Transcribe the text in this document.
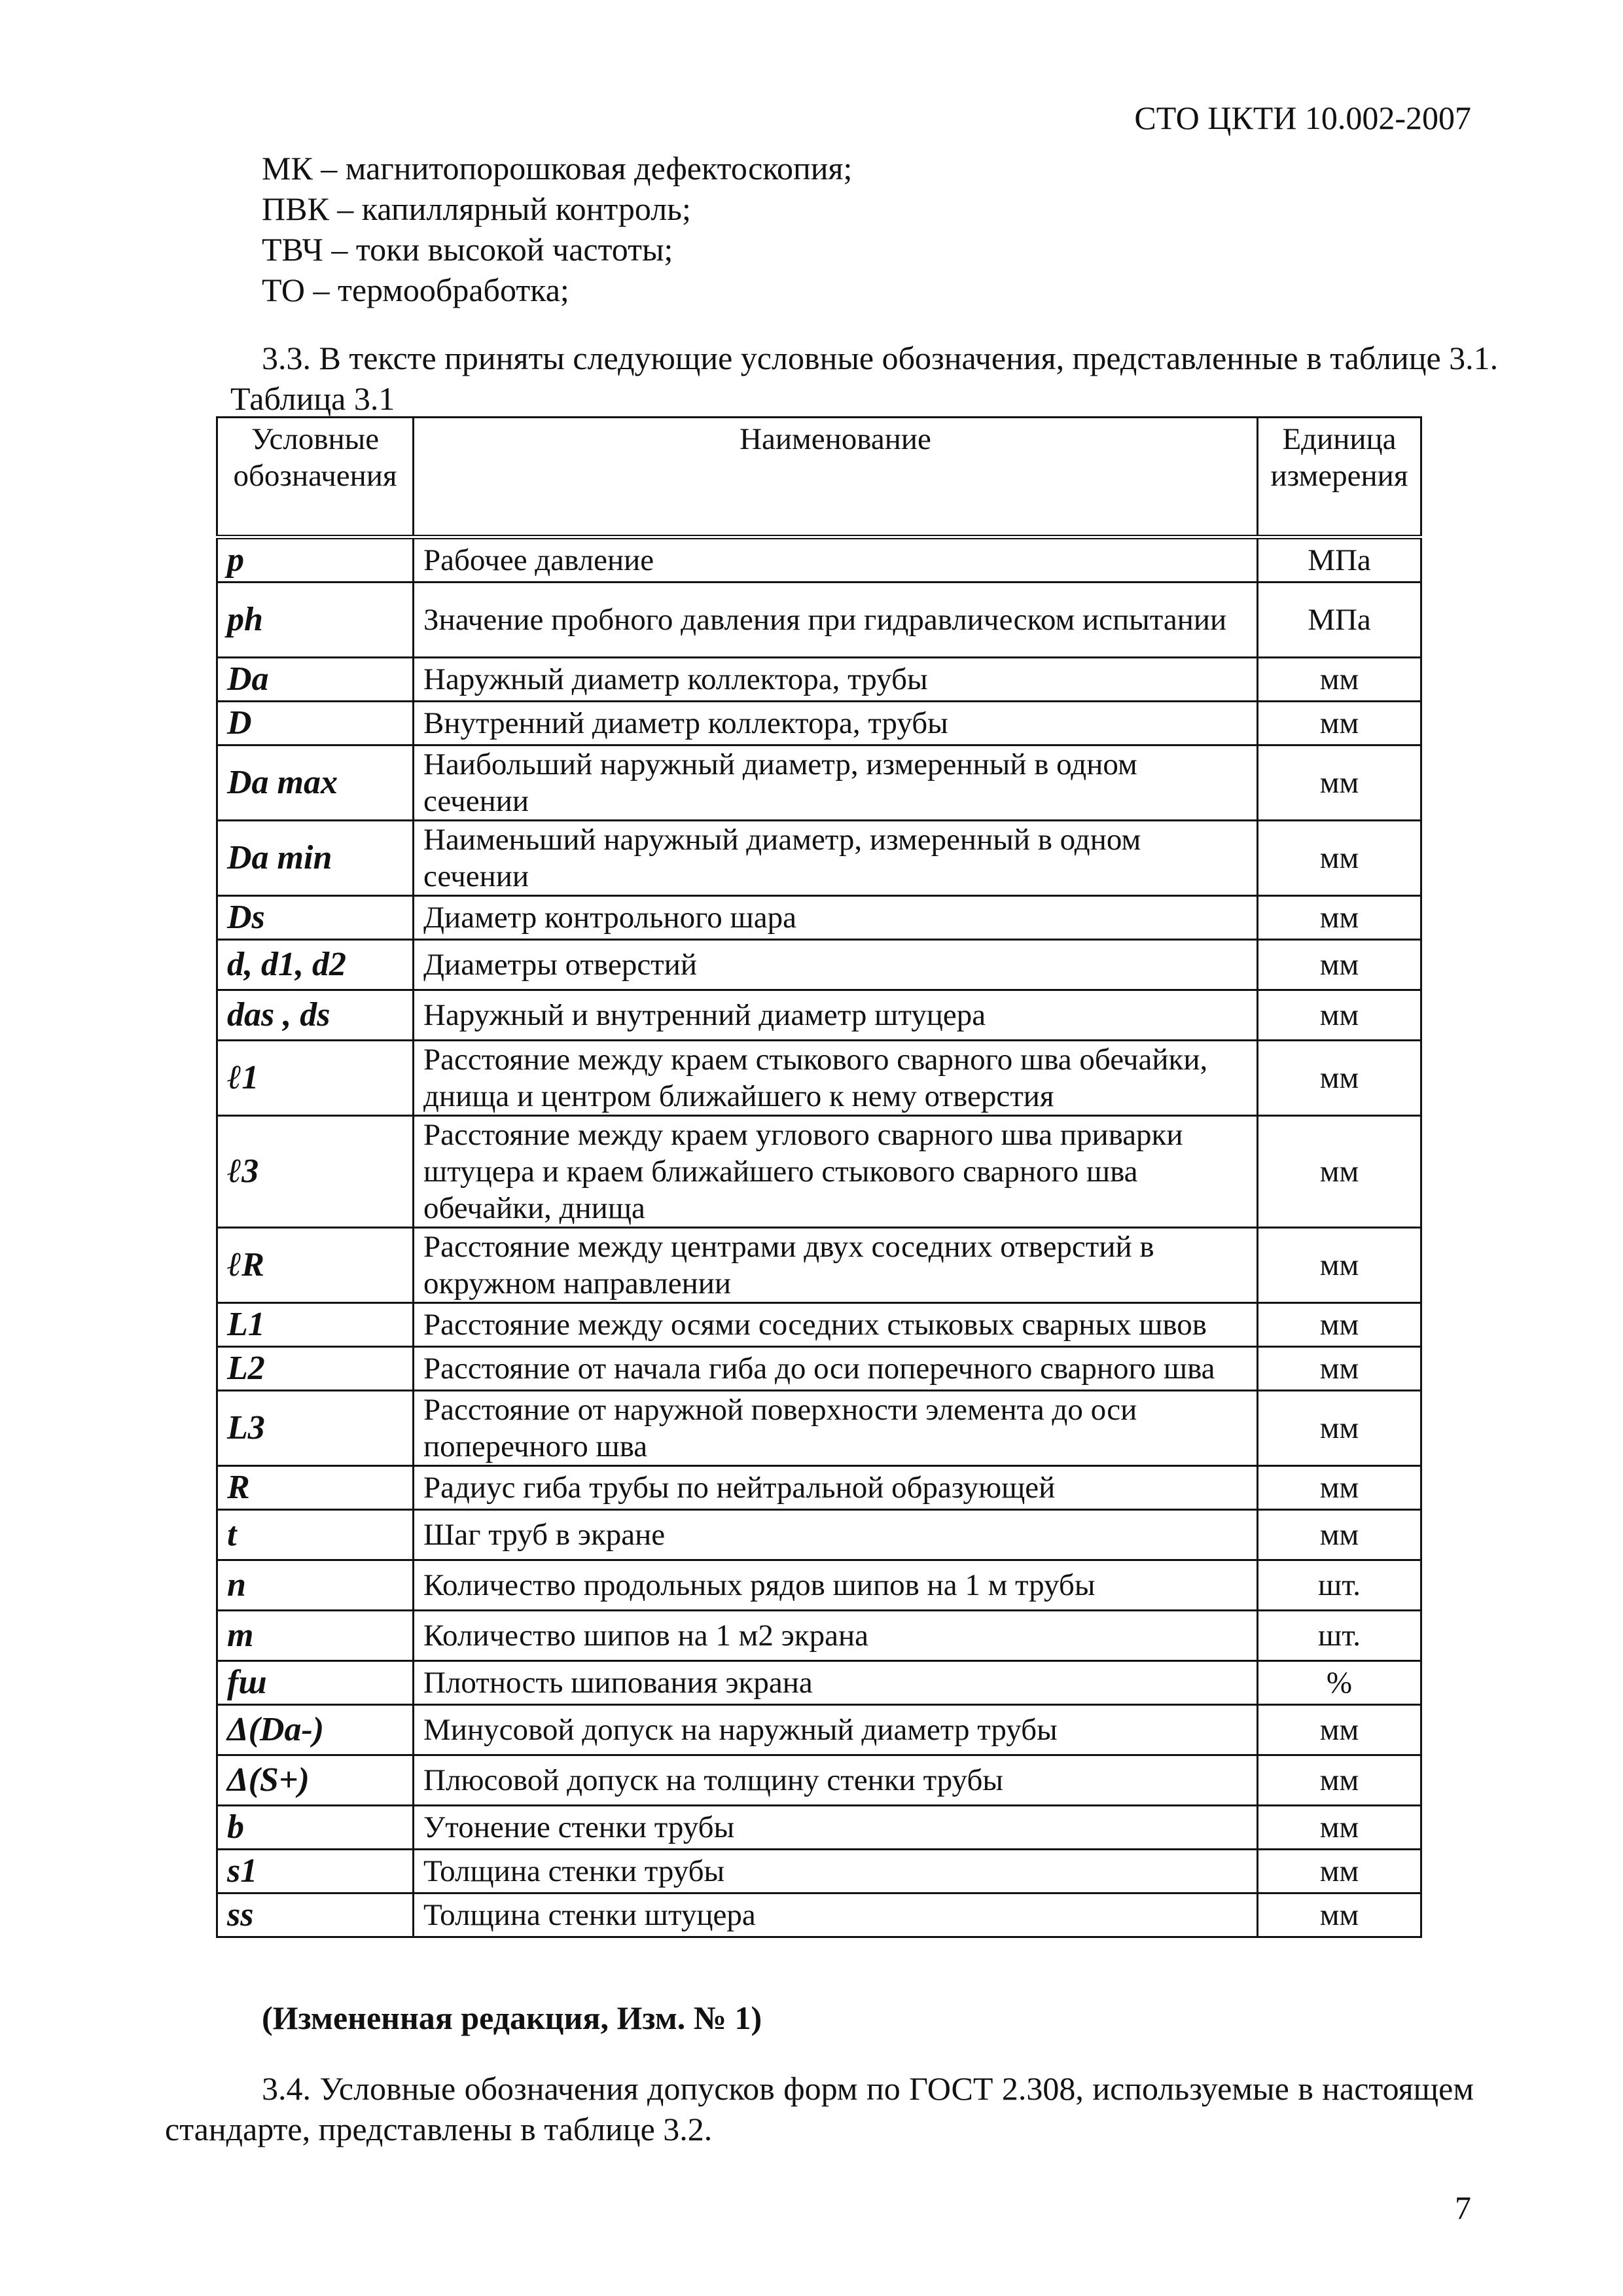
СТО ЦКТИ 10.002-2007
МК – магнитопорошковая дефектоскопия;
ПВК – капиллярный контроль;
ТВЧ – токи высокой частоты;
ТО – термообработка;

3.3. В тексте приняты следующие условные обозначения, представленные в таблице 3.1.

Таблица 3.1

Условные обозначения	Наименование	Единица измерения
p	Рабочее давление	МПа
ph	Значение пробного давления при гидравлическом испытании	МПа
Da	Наружный диаметр коллектора, трубы	мм
D	Внутренний диаметр коллектора, трубы	мм
Da max	Наибольший наружный диаметр, измеренный в одном сечении	мм
Da min	Наименьший наружный диаметр, измеренный в одном сечении	мм
Ds	Диаметр контрольного шара	мм
d, d1, d2	Диаметры отверстий	мм
das , ds	Наружный и внутренний диаметр штуцера	мм
ℓ1	Расстояние между краем стыкового сварного шва обечайки, днища и центром ближайшего к нему отверстия	мм
ℓ3	Расстояние между краем углового сварного шва приварки штуцера и краем ближайшего стыкового сварного шва обечайки, днища	мм
ℓR	Расстояние между центрами двух соседних отверстий в окружном направлении	мм
L1	Расстояние между осями соседних стыковых сварных швов	мм
L2	Расстояние от начала гиба до оси поперечного сварного шва	мм
L3	Расстояние от наружной поверхности элемента до оси поперечного шва	мм
R	Радиус гиба трубы по нейтральной образующей	мм
t	Шаг труб в экране	мм
n	Количество продольных рядов шипов на 1 м трубы	шт.
m	Количество шипов на 1 м2 экрана	шт.
fш	Плотность шипования экрана	%
Δ(Da-)	Минусовой допуск на наружный диаметр трубы	мм
Δ(S+)	Плюсовой допуск на толщину стенки трубы	мм
b	Утонение стенки трубы	мм
s1	Толщина стенки трубы	мм
ss	Толщина стенки штуцера	мм

(Измененная редакция, Изм. № 1)

3.4. Условные обозначения допусков форм по ГОСТ 2.308, используемые в настоящем стандарте, представлены в таблице 3.2.

7
